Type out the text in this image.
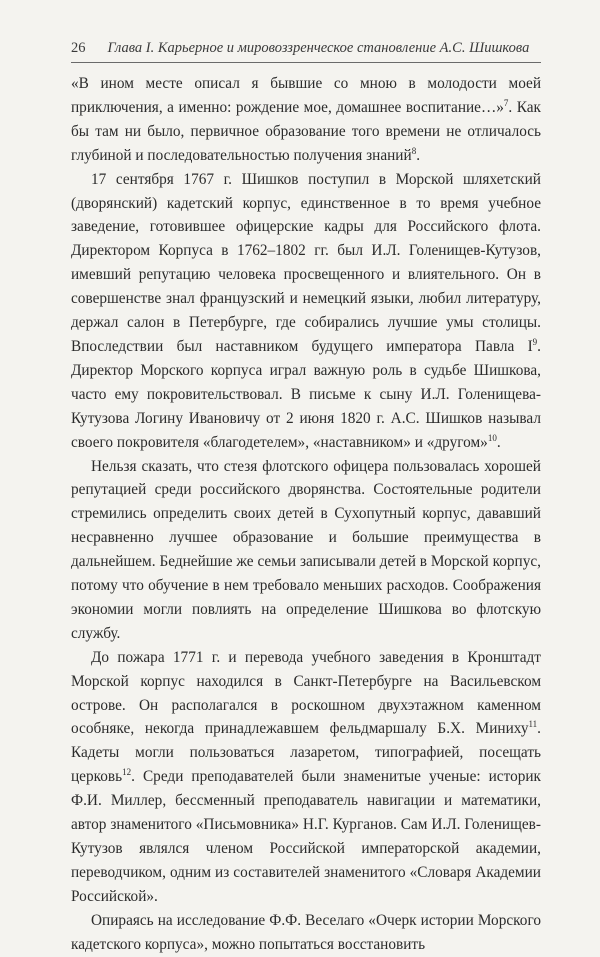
26 Глава I. Карьерное и мировоззренческое становление А.С. Шишкова

«В ином месте описал я бывшие со мною в молодости моей приключения, а именно: рождение мое, домашнее воспитание…»$^7$. Как бы там ни было, первичное образование того времени не отличалось глубиной и последовательностью получения знаний$^8$.

17 сентября 1767 г. Шишков поступил в Морской шляхетский (дворянский) кадетский корпус, единственное в то время учебное заведение, готовившее офицерские кадры для Российского флота. Директором Корпуса в 1762–1802 гг. был И.Л. Голенищев-Кутузов, имевший репутацию человека просвещенного и влиятельного. Он в совершенстве знал французский и немецкий языки, любил литературу, держал салон в Петербурге, где собирались лучшие умы столицы. Впоследствии был наставником будущего императора Павла $I^9$. Директор Морского корпуса играл важную роль в судьбе Шишкова, часто ему покровительствовал. В письме к сыну И.Л. Голенищева-Кутузова Логину Ивановичу от 2 июня 1820 г. А.С. Шишков называл своего покровителя «благодетелем», «наставником» и «другом»$^{10}$.

Нельзя сказать, что стезя флотского офицера пользовалась хорошей репутацией среди российского дворянства. Состоятельные родители стремились определить своих детей в Сухопутный корпус, дававший несравненно лучшее образование и большие преимущества в дальнейшем. Беднейшие же семьи записывали детей в Морской корпус, потому что обучение в нем требовало меньших расходов. Соображения экономии могли повлиять на определение Шишкова во флотскую службу.

До пожара 1771 г. и перевода учебного заведения в Кронштадт Морской корпус находился в Санкт-Петербурге на Васильевском острове. Он располагался в роскошном двухэтажном каменном особняке, некогда принадлежавшем фельдмаршалу Б.Х. Миниху$^{11}$. Кадеты могли пользоваться лазаретом, типографией, посещать церковь$^{12}$. Среди преподавателей были знаменитые ученые: историк Ф.И. Миллер, бессменный преподаватель навигации и математики, автор знаменитого «Письмовника» Н.Г. Курганов. Сам И.Л. Голенищев-Кутузов являлся членом Российской императорской академии, переводчиком, одним из составителей знаменитого «Словаря Академии Российской».

Опираясь на исследование Ф.Ф. Веселаго «Очерк истории Морского кадетского корпуса», можно попытаться восстановить
